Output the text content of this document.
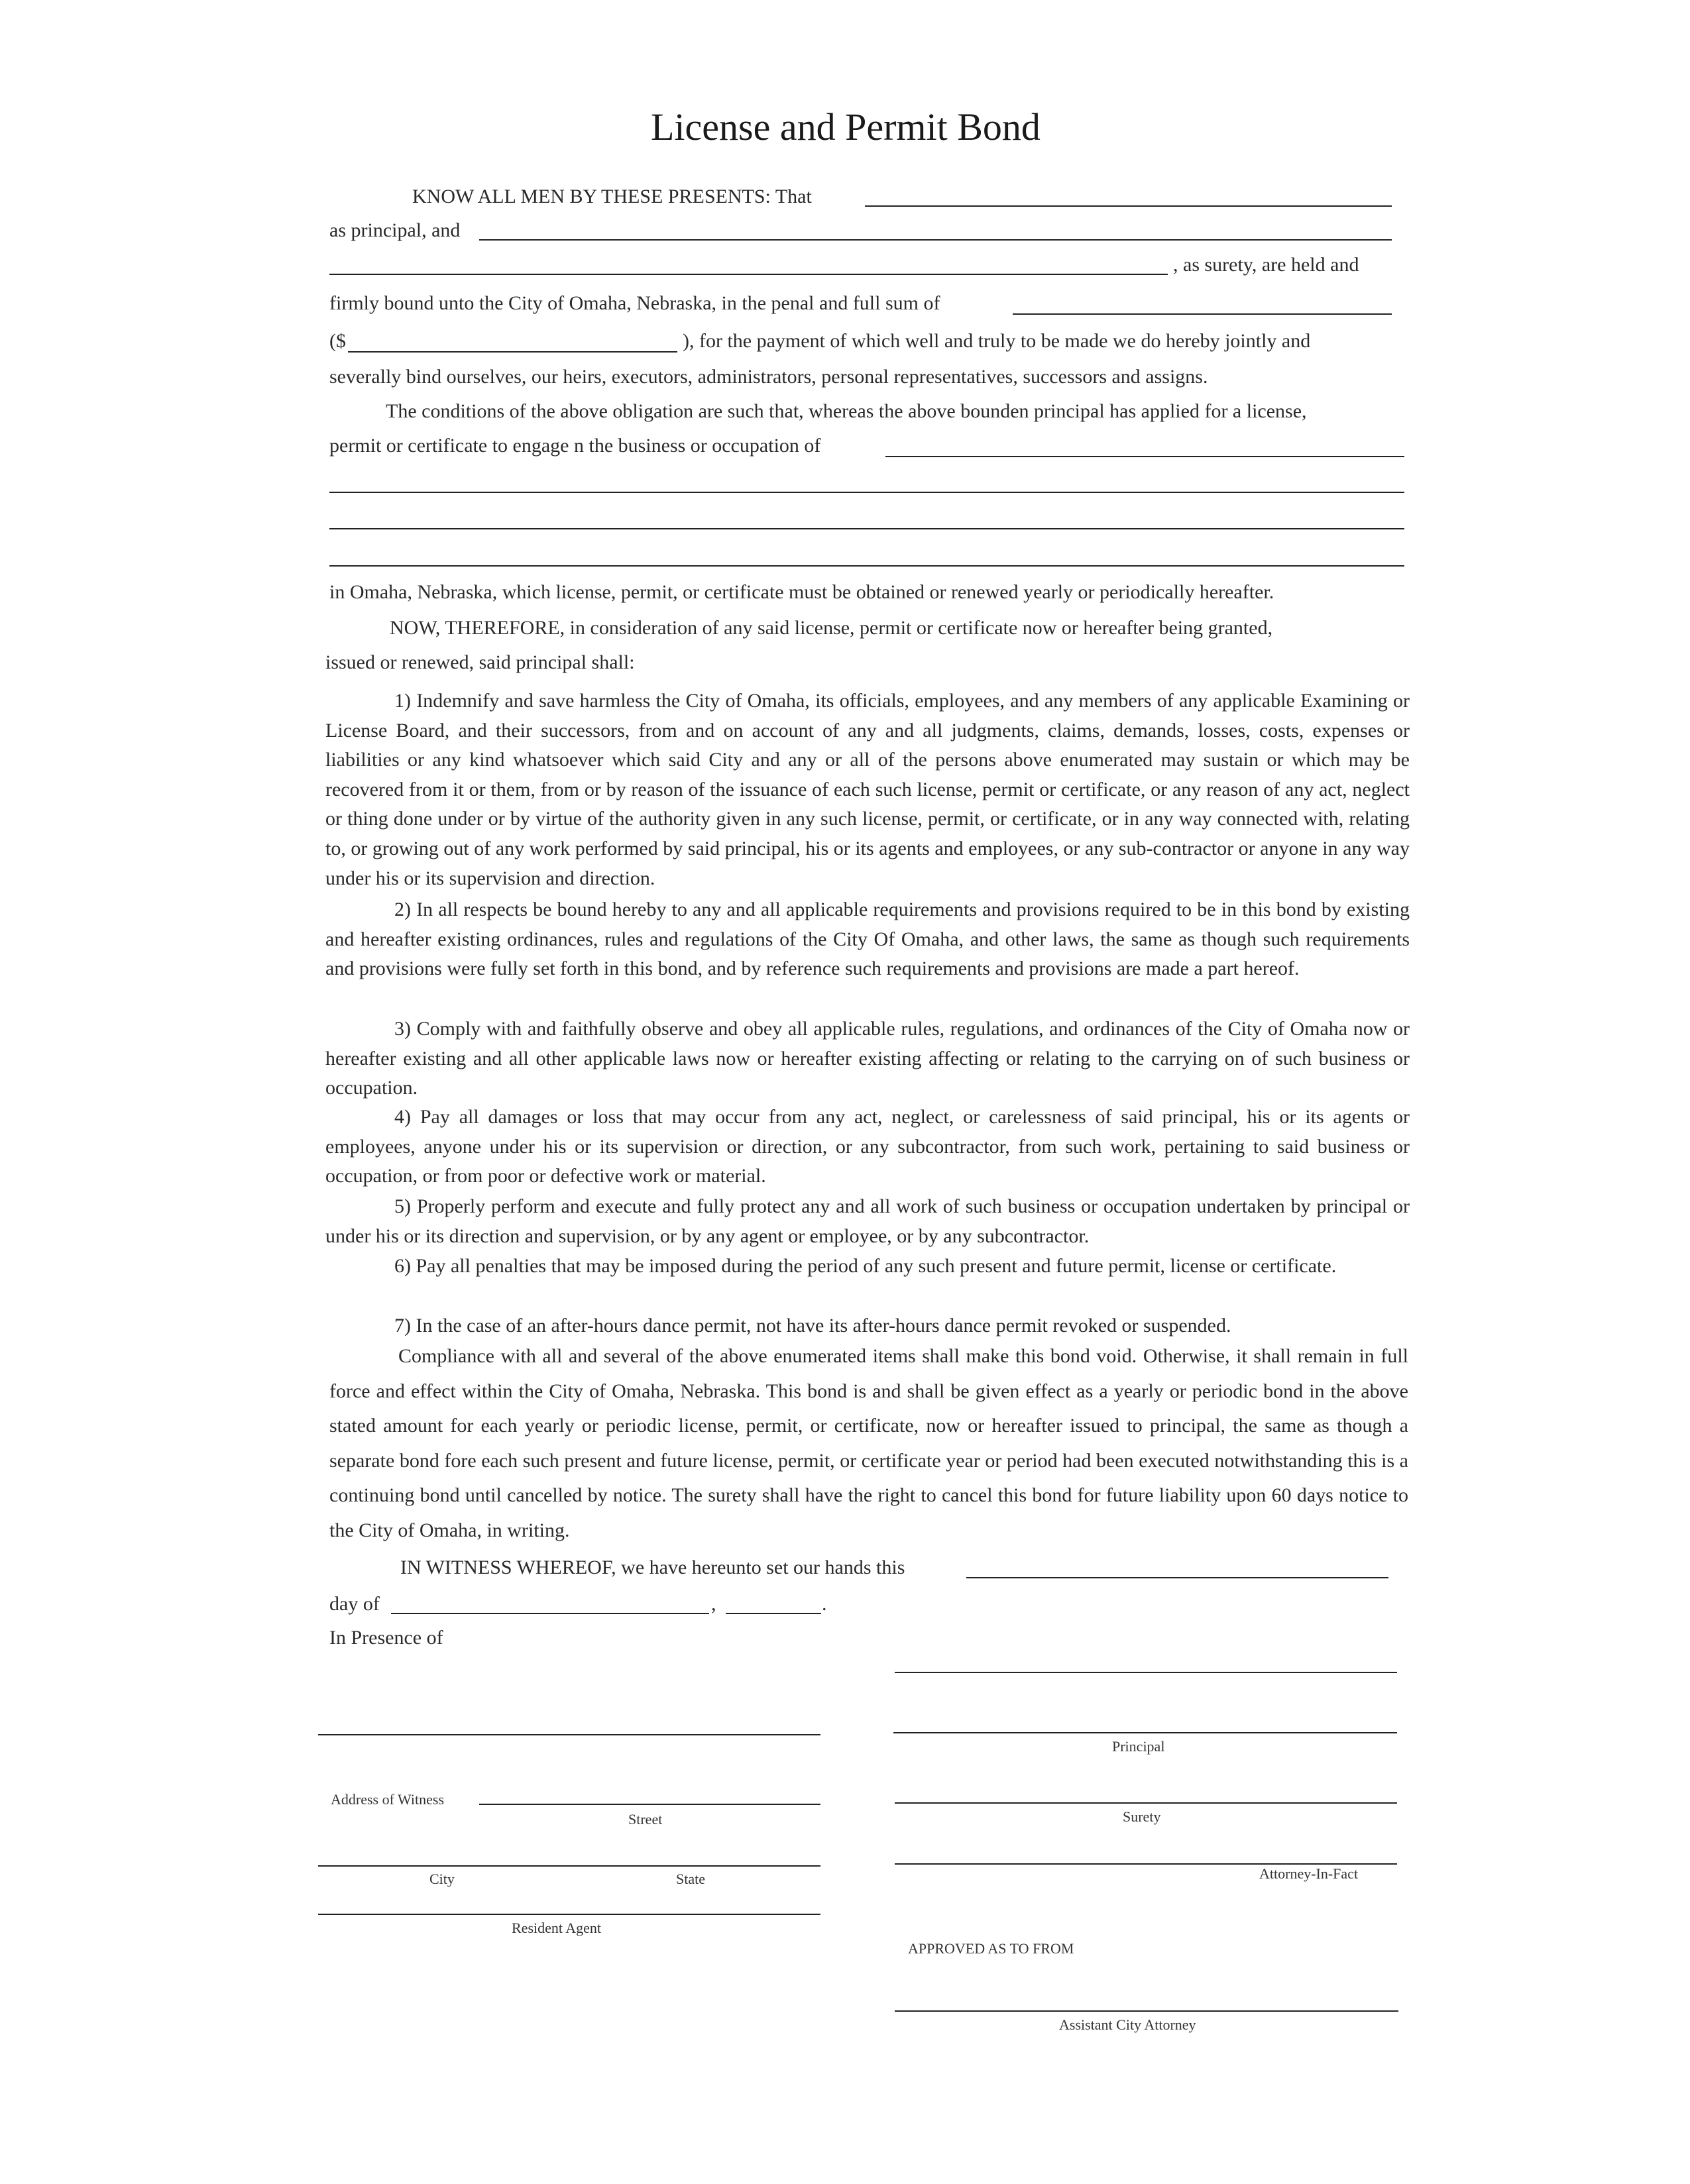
License and Permit Bond
KNOW ALL MEN BY THESE PRESENTS: That
as principal, and
, as surety, are held and
firmly bound unto the City of Omaha, Nebraska, in the penal and full sum of
($	), for the payment of which well and truly to be made we do hereby jointly and
severally bind ourselves, our heirs, executors, administrators, personal representatives, successors and assigns.
The conditions of the above obligation are such that, whereas the above bounden principal has applied for a license,
permit or certificate to engage n the business or occupation of
in Omaha, Nebraska, which license, permit, or certificate must be obtained or renewed yearly or periodically hereafter.
NOW, THEREFORE, in consideration of any said license, permit or certificate now or hereafter being granted,
issued or renewed, said principal shall:
1) Indemnify and save harmless the City of Omaha, its officials, employees, and any members of any applicable Examining or License Board, and their successors, from and on account of any and all judgments, claims, demands, losses, costs, expenses or liabilities or any kind whatsoever which said City and any or all of the persons above enumerated may sustain or which may be recovered from it or them, from or by reason of the issuance of each such license, permit or certificate, or any reason of any act, neglect or thing done under or by virtue of the authority given in any such license, permit, or certificate, or in any way connected with, relating to, or growing out of any work performed by said principal, his or its agents and employees, or any sub-contractor or anyone in any way under his or its supervision and direction.
2) In all respects be bound hereby to any and all applicable requirements and provisions required to be in this bond by existing and hereafter existing ordinances, rules and regulations of the City Of Omaha, and other laws, the same as though such requirements and provisions were fully set forth in this bond, and by reference such requirements and provisions are made a part hereof.
3) Comply with and faithfully observe and obey all applicable rules, regulations, and ordinances of the City of Omaha now or hereafter existing and all other applicable laws now or hereafter existing affecting or relating to the carrying on of such business or occupation.
4) Pay all damages or loss that may occur from any act, neglect, or carelessness of said principal, his or its agents or employees, anyone under his or its supervision or direction, or any subcontractor, from such work, pertaining to said business or occupation, or from poor or defective work or material.
5) Properly perform and execute and fully protect any and all work of such business or occupation undertaken by principal or under his or its direction and supervision, or by any agent or employee, or by any subcontractor.
6) Pay all penalties that may be imposed during the period of any such present and future permit, license or certificate.
7) In the case of an after-hours dance permit, not have its after-hours dance permit revoked or suspended.
Compliance with all and several of the above enumerated items shall make this bond void. Otherwise, it shall remain in full force and effect within the City of Omaha, Nebraska. This bond is and shall be given effect as a yearly or periodic bond in the above stated amount for each yearly or periodic license, permit, or certificate, now or hereafter issued to principal, the same as though a separate bond fore each such present and future license, permit, or certificate year or period had been executed notwithstanding this is a continuing bond until cancelled by notice. The surety shall have the right to cancel this bond for future liability upon 60 days notice to the City of Omaha, in writing.
IN WITNESS WHEREOF, we have hereunto set our hands this
day of	,	.
In Presence of
Principal
Surety
Attorney-In-Fact
APPROVED AS TO FROM
Assistant City Attorney
Address of Witness
Street
City	State
Resident Agent
